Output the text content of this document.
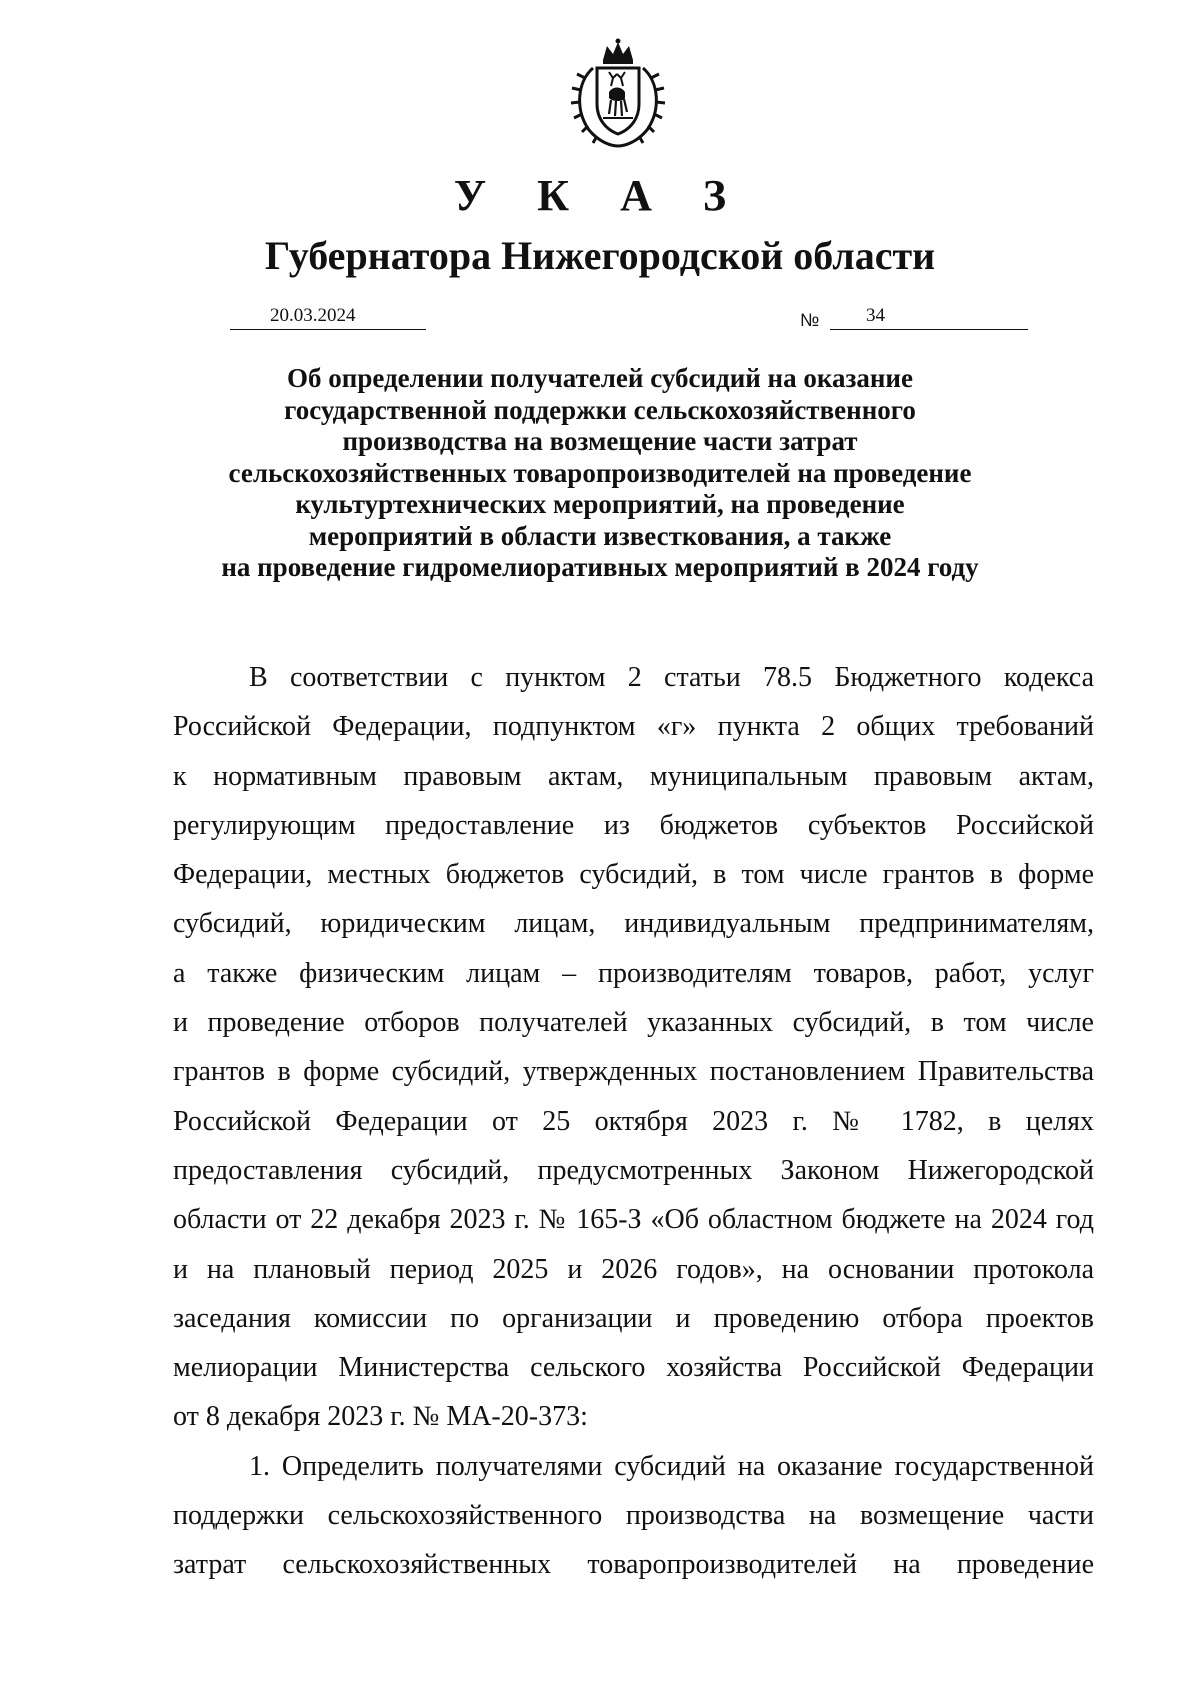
У К А З
Губернатора Нижегородской области
20.03.2024	№ 34
Об определении получателей субсидий на оказание
государственной поддержки сельскохозяйственного
производства на возмещение части затрат
сельскохозяйственных товаропроизводителей на проведение
культуртехнических мероприятий, на проведение
мероприятий в области известкования, а также
на проведение гидромелиоративных мероприятий в 2024 году
В соответствии с пунктом 2 статьи 78.5 Бюджетного кодекса
Российской Федерации, подпунктом «г» пункта 2 общих требований
к нормативным правовым актам, муниципальным правовым актам,
регулирующим предоставление из бюджетов субъектов Российской
Федерации, местных бюджетов субсидий, в том числе грантов в форме
субсидий, юридическим лицам, индивидуальным предпринимателям,
а также физическим лицам – производителям товаров, работ, услуг
и проведение отборов получателей указанных субсидий, в том числе
грантов в форме субсидий, утвержденных постановлением Правительства
Российской Федерации от 25 октября 2023 г. № 1782, в целях
предоставления субсидий, предусмотренных Законом Нижегородской
области от 22 декабря 2023 г. № 165-З «Об областном бюджете на 2024 год
и на плановый период 2025 и 2026 годов», на основании протокола
заседания комиссии по организации и проведению отбора проектов
мелиорации Министерства сельского хозяйства Российской Федерации
от 8 декабря 2023 г. № МА-20-373:
1. Определить получателями субсидий на оказание государственной
поддержки сельскохозяйственного производства на возмещение части
затрат сельскохозяйственных товаропроизводителей на проведение
